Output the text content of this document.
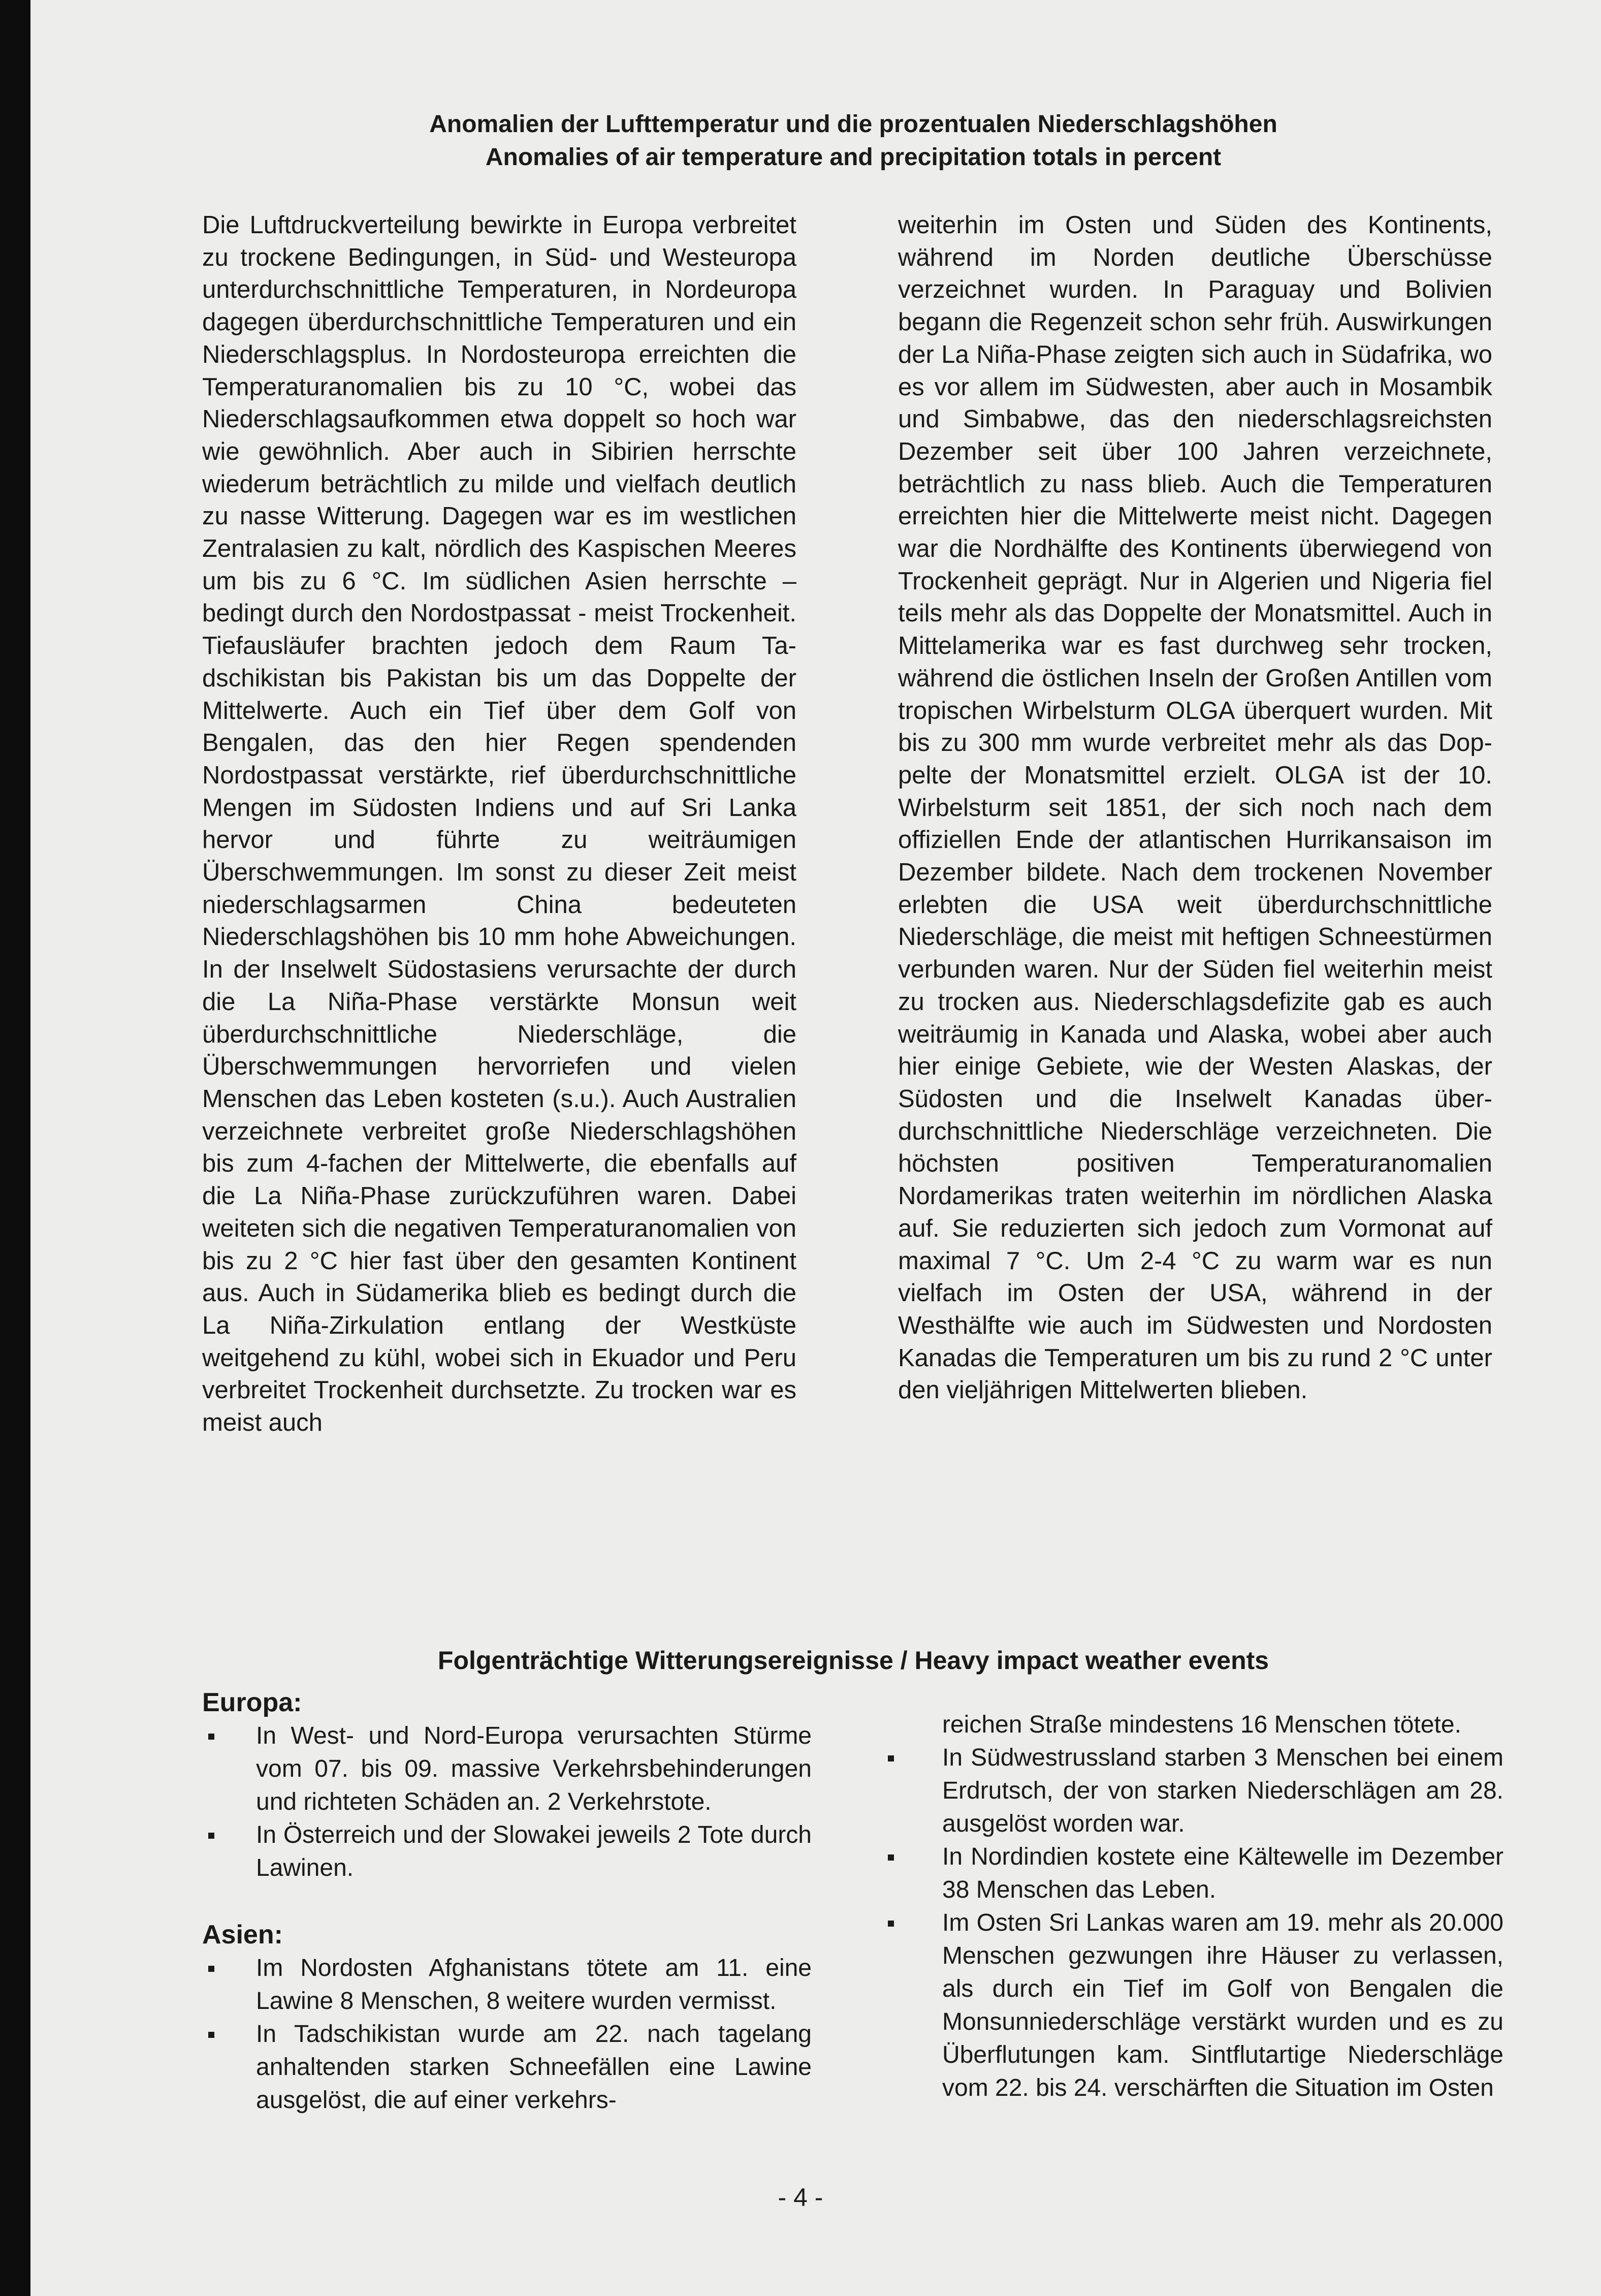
Anomalien der Lufttemperatur und die prozentualen Niederschlagshöhen

Anomalies of air temperature and precipitation totals in percent

Die Luftdruckverteilung bewirkte in Europa verbreitet zu trockene Bedingungen, in Süd- und Westeuropa unterdurchschnittliche Temperaturen, in Nordeuropa dagegen überdurchschnittliche Temperaturen und ein Niederschlagsplus. In Nordosteuropa erreichten die Temperaturanomalien bis zu 10 °C, wobei das Niederschlagsaufkommen etwa doppelt so hoch war wie gewöhnlich. Aber auch in Sibirien herrschte wiederum beträchtlich zu milde und vielfach deutlich zu nasse Witterung. Dagegen war es im westlichen Zentralasien zu kalt, nördlich des Kaspischen Meeres um bis zu 6 °C. Im südlichen Asien herrschte – bedingt durch den Nordostpassat - meist Trockenheit. Tiefausläufer brachten jedoch dem Raum Tadschikistan bis Pakistan bis um das Doppelte der Mittelwerte. Auch ein Tief über dem Golf von Bengalen, das den hier Regen spendenden Nordostpassat verstärkte, rief überdurchschnittliche Mengen im Südosten Indiens und auf Sri Lanka hervor und führte zu weiträumigen Überschwemmungen. Im sonst zu dieser Zeit meist niederschlagsarmen China bedeuteten Niederschlagshöhen bis 10 mm hohe Abweichungen. In der Inselwelt Südostasiens verursachte der durch die La Niña-Phase verstärkte Monsun weit überdurchschnittliche Niederschläge, die Überschwemmungen hervorriefen und vielen Menschen das Leben kosteten (s.u.). Auch Australien verzeichnete verbreitet große Niederschlagshöhen bis zum 4-fachen der Mittelwerte, die ebenfalls auf die La Niña-Phase zurückzuführen waren. Dabei weiteten sich die negativen Temperaturanomalien von bis zu 2 °C hier fast über den gesamten Kontinent aus. Auch in Südamerika blieb es bedingt durch die La Niña-Zirkulation entlang der Westküste weitgehend zu kühl, wobei sich in Ekuador und Peru verbreitet Trockenheit durchsetzte. Zu trocken war es meist auch

weiterhin im Osten und Süden des Kontinents, während im Norden deutliche Überschüsse verzeichnet wurden. In Paraguay und Bolivien begann die Regenzeit schon sehr früh. Auswirkungen der La Niña-Phase zeigten sich auch in Südafrika, wo es vor allem im Südwesten, aber auch in Mosambik und Simbabwe, das den niederschlagsreichsten Dezember seit über 100 Jahren verzeichnete, beträchtlich zu nass blieb. Auch die Temperaturen erreichten hier die Mittelwerte meist nicht. Dagegen war die Nordhälfte des Kontinents überwiegend von Trockenheit geprägt. Nur in Algerien und Nigeria fiel teils mehr als das Doppelte der Monatsmittel. Auch in Mittelamerika war es fast durchweg sehr trocken, während die östlichen Inseln der Großen Antillen vom tropischen Wirbelsturm OLGA überquert wurden. Mit bis zu 300 mm wurde verbreitet mehr als das Doppelte der Monatsmittel erzielt. OLGA ist der 10. Wirbelsturm seit 1851, der sich noch nach dem offiziellen Ende der atlantischen Hurrikansaison im Dezember bildete. Nach dem trockenen November erlebten die USA weit überdurchschnittliche Niederschläge, die meist mit heftigen Schneestürmen verbunden waren. Nur der Süden fiel weiterhin meist zu trocken aus. Niederschlagsdefizite gab es auch weiträumig in Kanada und Alaska, wobei aber auch hier einige Gebiete, wie der Westen Alaskas, der Südosten und die Inselwelt Kanadas überdurchschnittliche Niederschläge verzeichneten. Die höchsten positiven Temperaturanomalien Nordamerikas traten weiterhin im nördlichen Alaska auf. Sie reduzierten sich jedoch zum Vormonat auf maximal 7 °C. Um 2-4 °C zu warm war es nun vielfach im Osten der USA, während in der Westhälfte wie auch im Südwesten und Nordosten Kanadas die Temperaturen um bis zu rund 2 °C unter den vieljährigen Mittelwerten blieben.

Folgenträchtige Witterungsereignisse / Heavy impact weather events

Europa:

In West- und Nord-Europa verursachten Stürme vom 07. bis 09. massive Verkehrsbehinderungen und richteten Schäden an. 2 Verkehrstote.
In Österreich und der Slowakei jeweils 2 Tote durch Lawinen.

Asien:

Im Nordosten Afghanistans tötete am 11. eine Lawine 8 Menschen, 8 weitere wurden vermisst.
In Tadschikistan wurde am 22. nach tagelang anhaltenden starken Schneefällen eine Lawine ausgelöst, die auf einer verkehrs-
reichen Straße mindestens 16 Menschen tötete.
In Südwestrussland starben 3 Menschen bei einem Erdrutsch, der von starken Niederschlägen am 28. ausgelöst worden war.
In Nordindien kostete eine Kältewelle im Dezember 38 Menschen das Leben.
Im Osten Sri Lankas waren am 19. mehr als 20.000 Menschen gezwungen ihre Häuser zu verlassen, als durch ein Tief im Golf von Bengalen die Monsunniederschläge verstärkt wurden und es zu Überflutungen kam. Sintflutartige Niederschläge vom 22. bis 24. verschärften die Situation im Osten

- 4 -
